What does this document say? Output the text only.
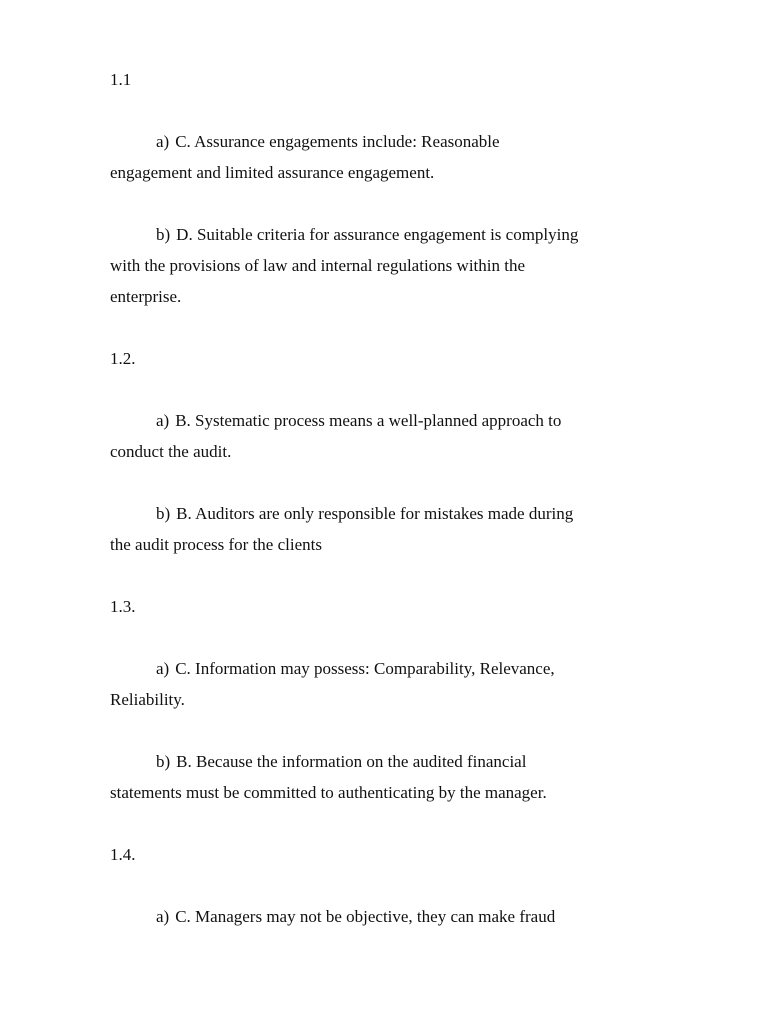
1.1

a) C. Assurance engagements include: Reasonable engagement and limited assurance engagement.

b) D. Suitable criteria for assurance engagement is complying with the provisions of law and internal regulations within the enterprise.

1.2.

a) B. Systematic process means a well-planned approach to conduct the audit.

b) B. Auditors are only responsible for mistakes made during the audit process for the clients

1.3.

a) C. Information may possess: Comparability, Relevance, Reliability.

b) B. Because the information on the audited financial statements must be committed to authenticating by the manager.

1.4.

a) C. Managers may not be objective, they can make fraud
